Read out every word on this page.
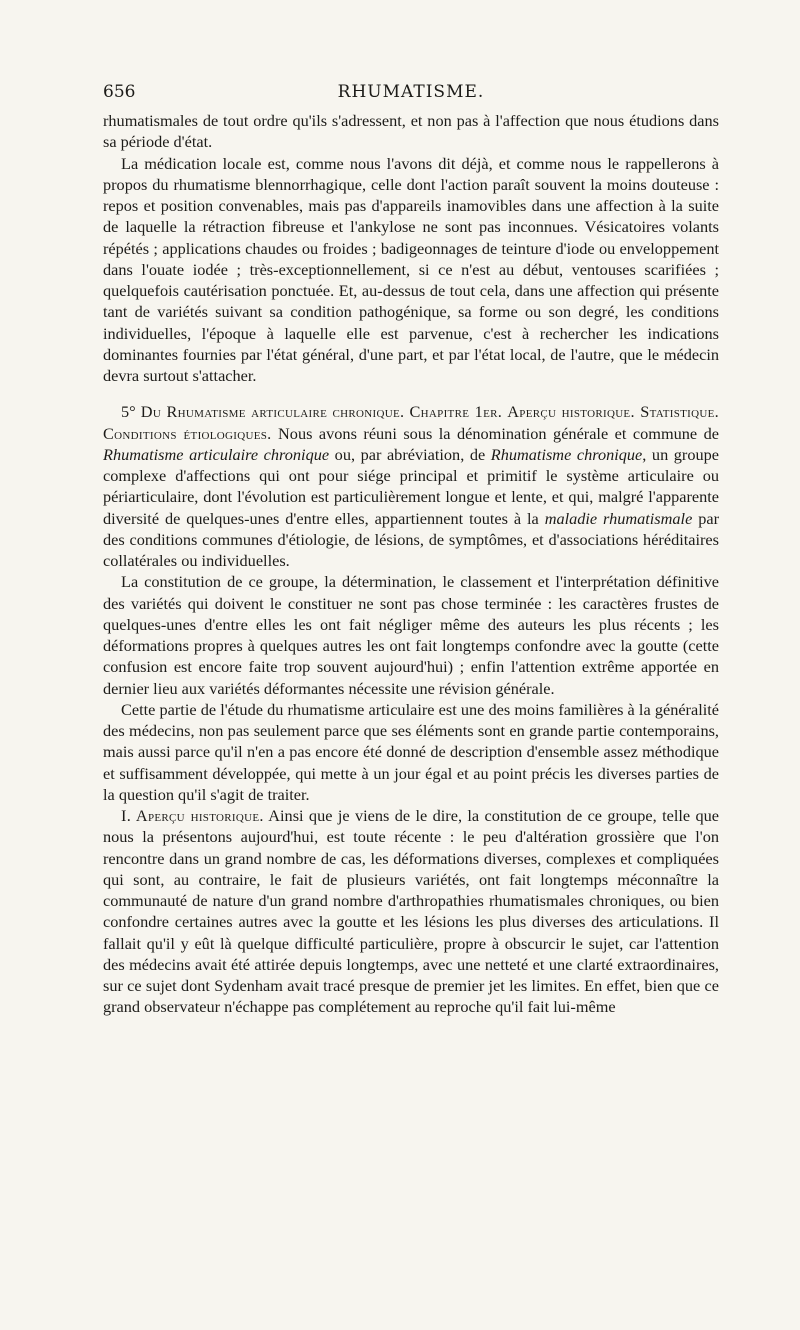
656	RHUMATISME.

rhumatismales de tout ordre qu'ils s'adressent, et non pas à l'affection que nous étudions dans sa période d'état.

La médication locale est, comme nous l'avons dit déjà, et comme nous le rappellerons à propos du rhumatisme blennorrhagique, celle dont l'action paraît souvent la moins douteuse : repos et position convenables, mais pas d'appareils inamovibles dans une affection à la suite de laquelle la rétraction fibreuse et l'ankylose ne sont pas inconnues. Vésicatoires volants répétés ; applications chaudes ou froides ; badigeonnages de teinture d'iode ou enveloppement dans l'ouate iodée ; très-exceptionnellement, si ce n'est au début, ventouses scarifiées ; quelquefois cautérisation ponctuée. Et, au-dessus de tout cela, dans une affection qui présente tant de variétés suivant sa condition pathogénique, sa forme ou son degré, les conditions individuelles, l'époque à laquelle elle est parvenue, c'est à rechercher les indications dominantes fournies par l'état général, d'une part, et par l'état local, de l'autre, que le médecin devra surtout s'attacher.

5° Du Rhumatisme articulaire chronique. Chapitre 1er. Aperçu historique. Statistique. Conditions étiologiques. Nous avons réuni sous la dénomination générale et commune de Rhumatisme articulaire chronique ou, par abréviation, de Rhumatisme chronique, un groupe complexe d'affections qui ont pour siége principal et primitif le système articulaire ou périarticulaire, dont l'évolution est particulièrement longue et lente, et qui, malgré l'apparente diversité de quelques-unes d'entre elles, appartiennent toutes à la maladie rhumatismale par des conditions communes d'étiologie, de lésions, de symptômes, et d'associations héréditaires collatérales ou individuelles.

La constitution de ce groupe, la détermination, le classement et l'interprétation définitive des variétés qui doivent le constituer ne sont pas chose terminée : les caractères frustes de quelques-unes d'entre elles les ont fait négliger même des auteurs les plus récents ; les déformations propres à quelques autres les ont fait longtemps confondre avec la goutte (cette confusion est encore faite trop souvent aujourd'hui) ; enfin l'attention extrême apportée en dernier lieu aux variétés déformantes nécessite une révision générale.

Cette partie de l'étude du rhumatisme articulaire est une des moins familières à la généralité des médecins, non pas seulement parce que ses éléments sont en grande partie contemporains, mais aussi parce qu'il n'en a pas encore été donné de description d'ensemble assez méthodique et suffisamment développée, qui mette à un jour égal et au point précis les diverses parties de la question qu'il s'agit de traiter.

I. Aperçu historique. Ainsi que je viens de le dire, la constitution de ce groupe, telle que nous la présentons aujourd'hui, est toute récente : le peu d'altération grossière que l'on rencontre dans un grand nombre de cas, les déformations diverses, complexes et compliquées qui sont, au contraire, le fait de plusieurs variétés, ont fait longtemps méconnaître la communauté de nature d'un grand nombre d'arthropathies rhumatismales chroniques, ou bien confondre certaines autres avec la goutte et les lésions les plus diverses des articulations. Il fallait qu'il y eût là quelque difficulté particulière, propre à obscurcir le sujet, car l'attention des médecins avait été attirée depuis longtemps, avec une netteté et une clarté extraordinaires, sur ce sujet dont Sydenham avait tracé presque de premier jet les limites. En effet, bien que ce grand observateur n'échappe pas complétement au reproche qu'il fait lui-même
